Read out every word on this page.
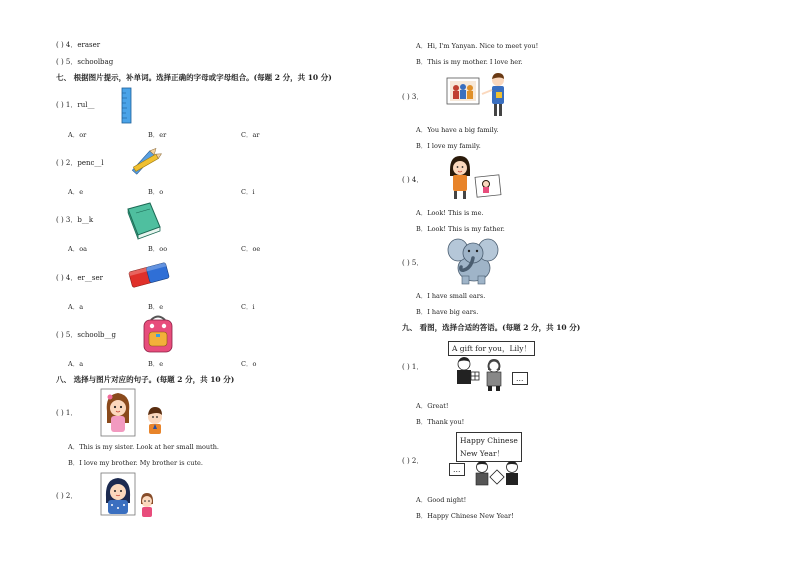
( ) 4．eraser
( ) 5．schoolbag
七、 根据图片提示，补单词。选择正确的字母或字母组合。(每题 2 分，共 10 分)
( ) 1．rul__
A．or	B．er	C．ar
( ) 2．penc__l
A．e	B．o	C．i
( ) 3．b__k
A．oa	B．oo	C．oe
( ) 4．er__ser
A．a	B．e	C．i
( ) 5．schoolb__g
A．a	B．e	C．o
八、 选择与图片对应的句子。(每题 2 分，共 10 分)
( ) 1．
A．This is my sister. Look at her small mouth.
B．I love my brother. My brother is cute.
( ) 2．
A．Hi, I'm Yanyan. Nice to meet you!
B．This is my mother. I love her.
( ) 3．
A．You have a big family.
B．I love my family.
( ) 4．
A．Look! This is me.
B．Look! This is my father.
( ) 5．
A．I have small ears.
B．I have big ears.
九、 看图，选择合适的答语。(每题 2 分，共 10 分)
A gift for you，Lily！
( ) 1．
…
A．Great!
B．Thank you!
Happy Chinese
New Year！
( ) 2．
…
A．Good night!
B．Happy Chinese New Year!
